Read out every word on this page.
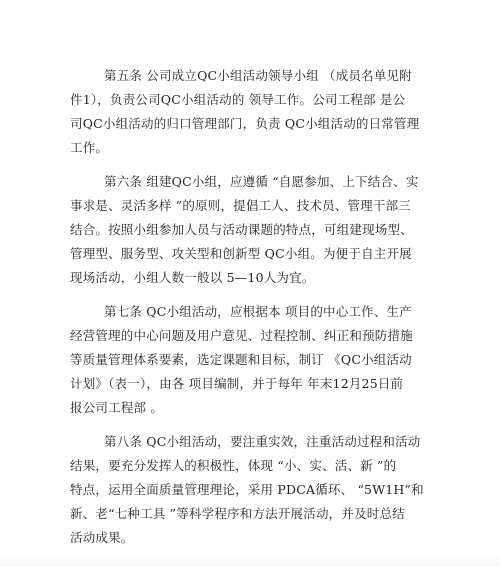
第五条 公司成立QC小组活动领导小组 （成员名单见附
件1），负责公司QC小组活动的 领导工作。公司工程部 是公
司QC小组活动的归口管理部门，负责 QC小组活动的日常管理
工作。
第六条 组建QC小组，应遵循 “自愿参加、上下结合、实
事求是、灵活多样 ”的原则，提倡工人、技术员、管理干部三
结合。按照小组参加人员与活动课题的特点，可组建现场型、
管理型、服务型、攻关型和创新型 QC小组。为便于自主开展
现场活动，小组人数一般以 5—10人为宜。
第七条 QC小组活动，应根据本 项目的中心工作、生产
经营管理的中心问题及用户意见、过程控制、纠正和预防措施
等质量管理体系要素，选定课题和目标，制订 《QC小组活动
计划》（表一），由各 项目编制，并于每年 年末12月25日前
报公司工程部 。
第八条 QC小组活动，要注重实效，注重活动过程和活动
结果，要充分发挥人的积极性，体现 “小、实、活、新 ”的
特点，运用全面质量管理理论，采用 PDCA循环、 “5W1H”和
新、老“七种工具 ”等科学程序和方法开展活动，并及时总结
活动成果。
